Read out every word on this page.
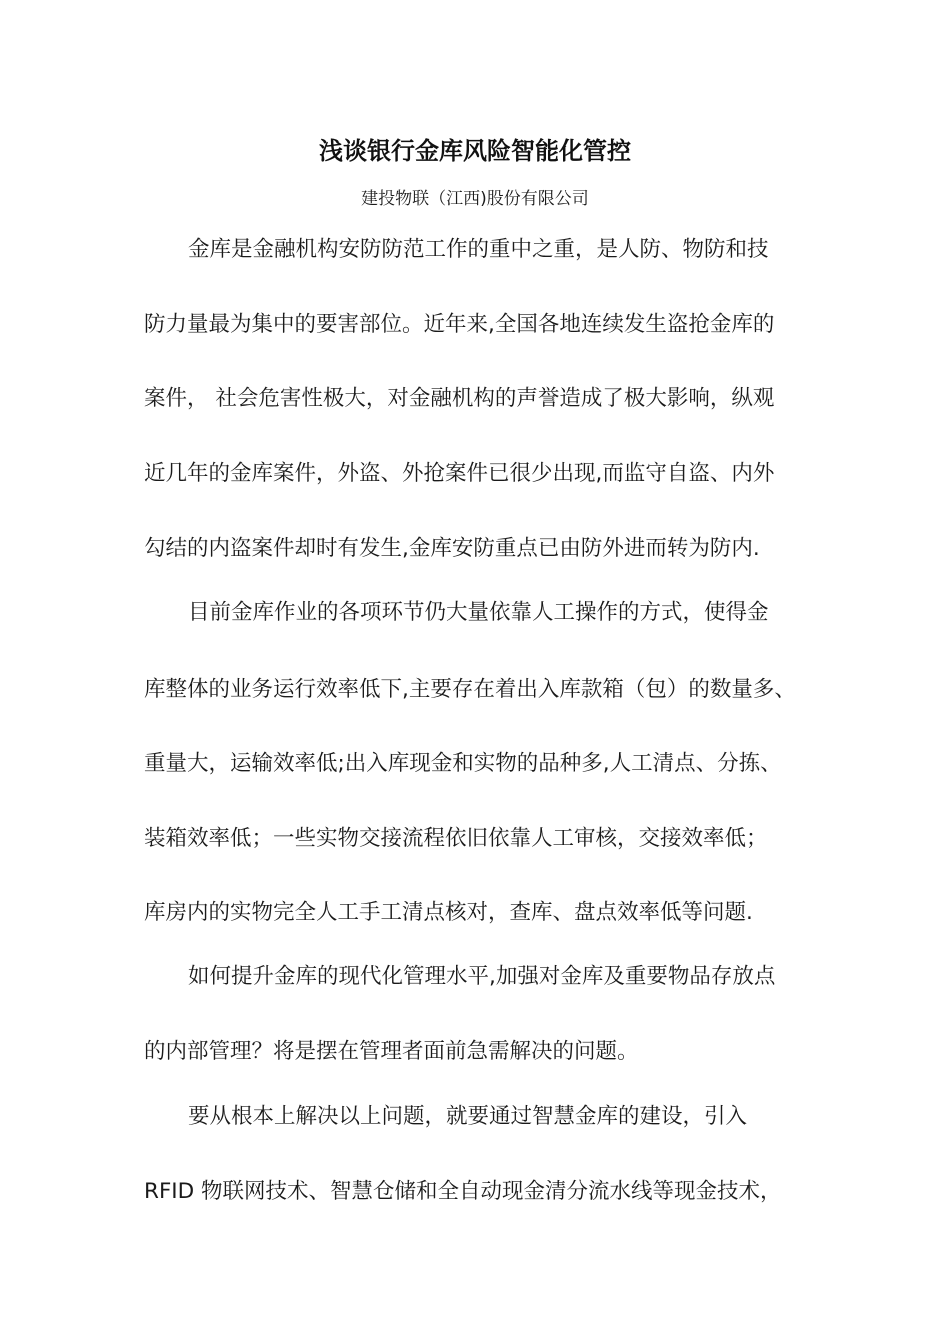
浅谈银行金库风险智能化管控
建投物联（江西)股份有限公司
金库是金融机构安防防范工作的重中之重，是人防、物防和技
防力量最为集中的要害部位。近年来,全国各地连续发生盗抢金库的
案件， 社会危害性极大，对金融机构的声誉造成了极大影响，纵观
近几年的金库案件，外盗、外抢案件已很少出现,而监守自盗、内外
勾结的内盗案件却时有发生,金库安防重点已由防外进而转为防内.
目前金库作业的各项环节仍大量依靠人工操作的方式，使得金
库整体的业务运行效率低下,主要存在着出入库款箱（包）的数量多、
重量大，运输效率低;出入库现金和实物的品种多,人工清点、分拣、
装箱效率低；一些实物交接流程依旧依靠人工审核，交接效率低；
库房内的实物完全人工手工清点核对，查库、盘点效率低等问题.
如何提升金库的现代化管理水平,加强对金库及重要物品存放点
的内部管理？将是摆在管理者面前急需解决的问题。
要从根本上解决以上问题，就要通过智慧金库的建设，引入
RFID 物联网技术、智慧仓储和全自动现金清分流水线等现金技术，
